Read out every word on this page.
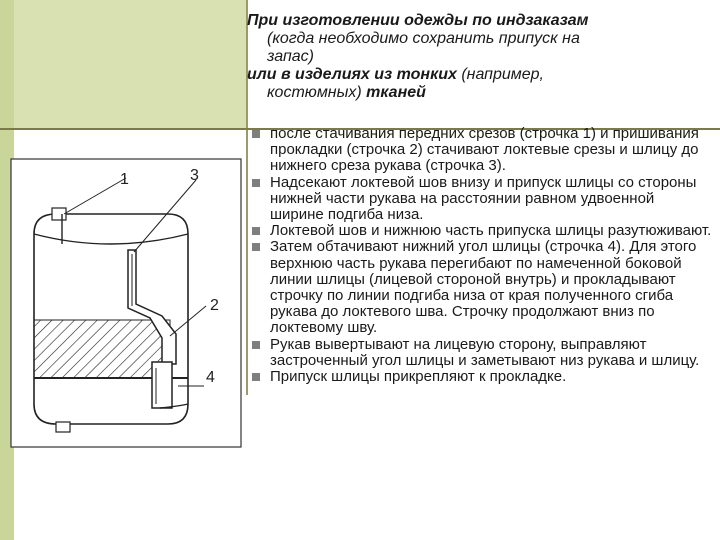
При изготовлении одежды по индзаказам

(когда необходимо сохранить припуск на

запас)

или в изделиях из тонких (например,

костюмных) тканей

после стачивания передних срезов (строчка 1) и пришивания прокладки (строчка 2) стачивают локтевые срезы и шлицу до нижнего среза рукава (строчка 3).
Надсекают локтевой шов внизу и припуск шлицы со стороны нижней части рукава на расстоянии равном удвоенной ширине подгиба низа.
Локтевой шов и нижнюю часть припуска шлицы разутюживают.
Затем обтачивают нижний угол шлицы (строчка 4). Для этого верхнюю часть рукава перегибают по намеченной боковой линии шлицы (лицевой стороной внутрь) и прокладывают строчку по линии подгиба низа от края полученного сгиба рукава до локтевого шва. Строчку продолжают вниз по локтевому шву.
Рукав вывертывают на лицевую сторону, выправляют застроченный угол шлицы и заметывают низ рукава и шлицу.
Припуск шлицы прикрепляют к прокладке.
1	3
2
4
